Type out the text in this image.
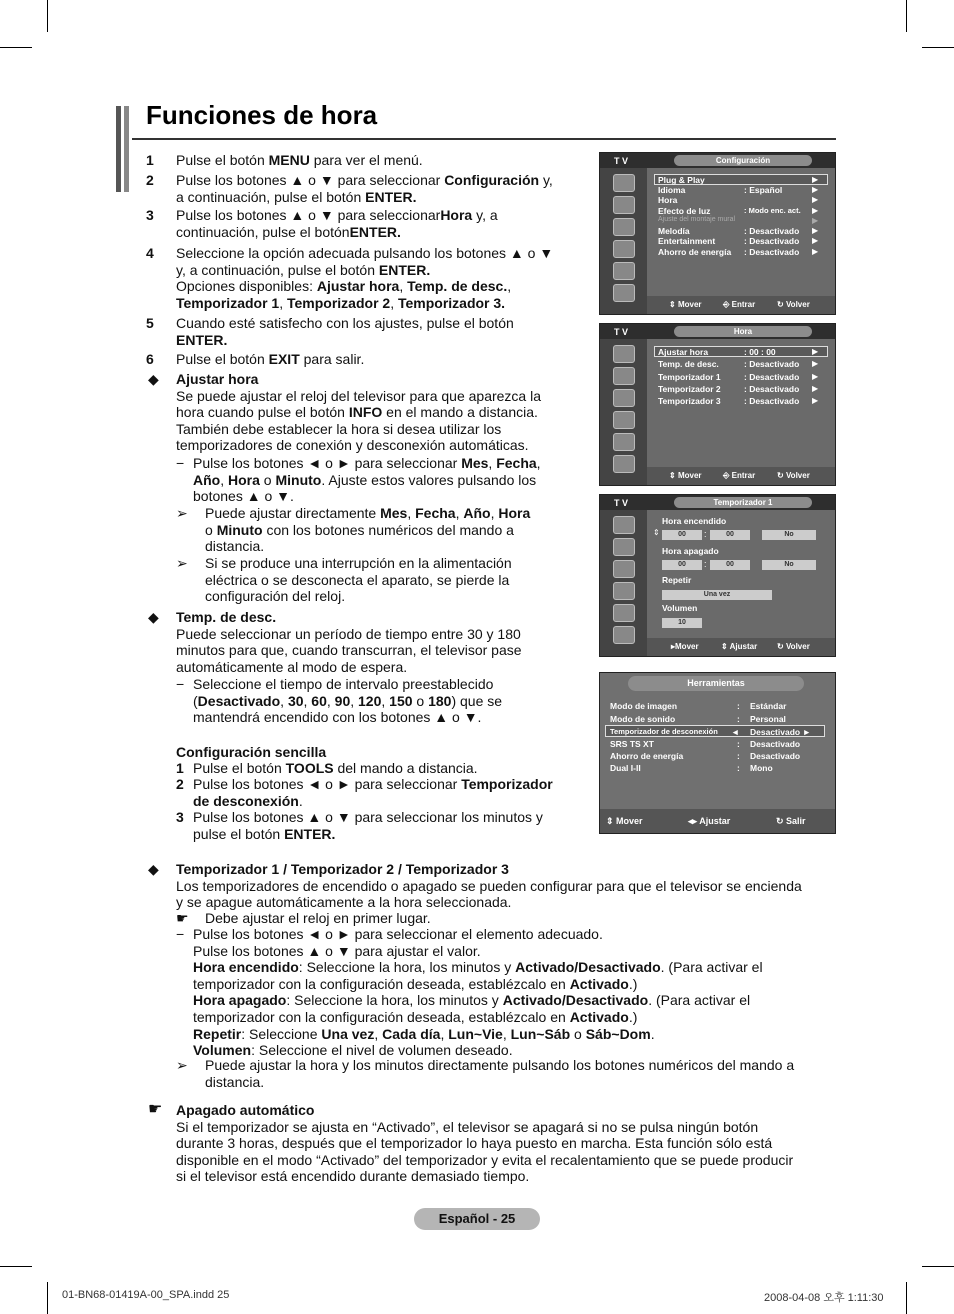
Funciones de hora
1 Pulse el botón MENU para ver el menú.
2 Pulse los botones ▲ o ▼ para seleccionar Configuración y,
a continuación, pulse el botón ENTER.
3 Pulse los botones ▲ o ▼ para seleccionarHora y, a
continuación, pulse el botónENTER.
4 Seleccione la opción adecuada pulsando los botones ▲ o ▼
y, a continuación, pulse el botón ENTER.
Opciones disponibles: Ajustar hora, Temp. de desc.,
Temporizador 1, Temporizador 2, Temporizador 3.
5 Cuando esté satisfecho con los ajustes, pulse el botón
ENTER.
6 Pulse el botón EXIT para salir.
◆ Ajustar hora
Se puede ajustar el reloj del televisor para que aparezca la
hora cuando pulse el botón INFO en el mando a distancia.
También debe establecer la hora si desea utilizar los
temporizadores de conexión y desconexión automáticas.
− Pulse los botones ◄ o ► para seleccionar Mes, Fecha,
Año, Hora o Minuto. Ajuste estos valores pulsando los
botones ▲ o ▼.
➢ Puede ajustar directamente Mes, Fecha, Año, Hora
o Minuto con los botones numéricos del mando a
distancia.
➢ Si se produce una interrupción en la alimentación
eléctrica o se desconecta el aparato, se pierde la
configuración del reloj.
◆ Temp. de desc.
Puede seleccionar un período de tiempo entre 30 y 180
minutos para que, cuando transcurran, el televisor pase
automáticamente al modo de espera.
− Seleccione el tiempo de intervalo preestablecido
(Desactivado, 30, 60, 90, 120, 150 o 180) que se
mantendrá encendido con los botones ▲ o ▼.
Configuración sencilla
1 Pulse el botón TOOLS del mando a distancia.
2 Pulse los botones ◄ o ► para seleccionar Temporizador
de desconexión.
3 Pulse los botones ▲ o ▼ para seleccionar los minutos y
pulse el botón ENTER.
◆ Temporizador 1 / Temporizador 2 / Temporizador 3
Los temporizadores de encendido o apagado se pueden configurar para que el televisor se encienda
y se apague automáticamente a la hora seleccionada.
☛ Debe ajustar el reloj en primer lugar.
− Pulse los botones ◄ o ► para seleccionar el elemento adecuado.
Pulse los botones ▲ o ▼ para ajustar el valor.
Hora encendido: Seleccione la hora, los minutos y Activado/Desactivado. (Para activar el
temporizador con la configuración deseada, establézcalo en Activado.)
Hora apagado: Seleccione la hora, los minutos y Activado/Desactivado. (Para activar el
temporizador con la configuración deseada, establézcalo en Activado.)
Repetir: Seleccione Una vez, Cada día, Lun~Vie, Lun~Sáb o Sáb~Dom.
Volumen: Seleccione el nivel de volumen deseado.
➢ Puede ajustar la hora y los minutos directamente pulsando los botones numéricos del mando a
distancia.
☛ Apagado automático
Si el temporizador se ajusta en “Activado”, el televisor se apagará si no se pulsa ningún botón
durante 3 horas, después que el temporizador lo haya puesto en marcha. Esta función sólo está
disponible en el modo “Activado” del temporizador y evita el recalentamiento que se puede producir
si el televisor está encendido durante demasiado tiempo.
T V	Configuración
Plug & Play	▶
Idioma	: Español	▶
Hora	▶
Efecto de luz	: Modo enc. act. ▶
Ajuste del montaje mural	▶
Melodía	: Desactivado ▶
Entertainment	: Desactivado ▶
Ahorro de energía : Desactivado ▶
⇕ Mover	⎆ Entrar	↻ Volver
T V	Hora
Ajustar hora	: 00 : 00	▶
Temp. de desc.	: Desactivado ▶
Temporizador 1	: Desactivado ▶
Temporizador 2	: Desactivado ▶
Temporizador 3	: Desactivado ▶
⇕ Mover	⎆ Entrar	↻ Volver
T V	Temporizador 1
Hora encendido
⇕	00	:	00	No
Hora apagado
00	:	00	No
Repetir
Una vez
Volumen
10
▸Mover	⇕ Ajustar ↻ Volver
Herramientas
Modo de imagen	: Estándar
Modo de sonido	: Personal
Temporizador de desconexión ◄ Desactivado ►
SRS TS XT	: Desactivado
Ahorro de energía	: Desactivado
Dual I-II	: Mono
⇕ Mover	◂▸ Ajustar	↻ Salir
Español - 25
01-BN68-01419A-00_SPA.indd 25	2008-04-08 오후 1:11:30
